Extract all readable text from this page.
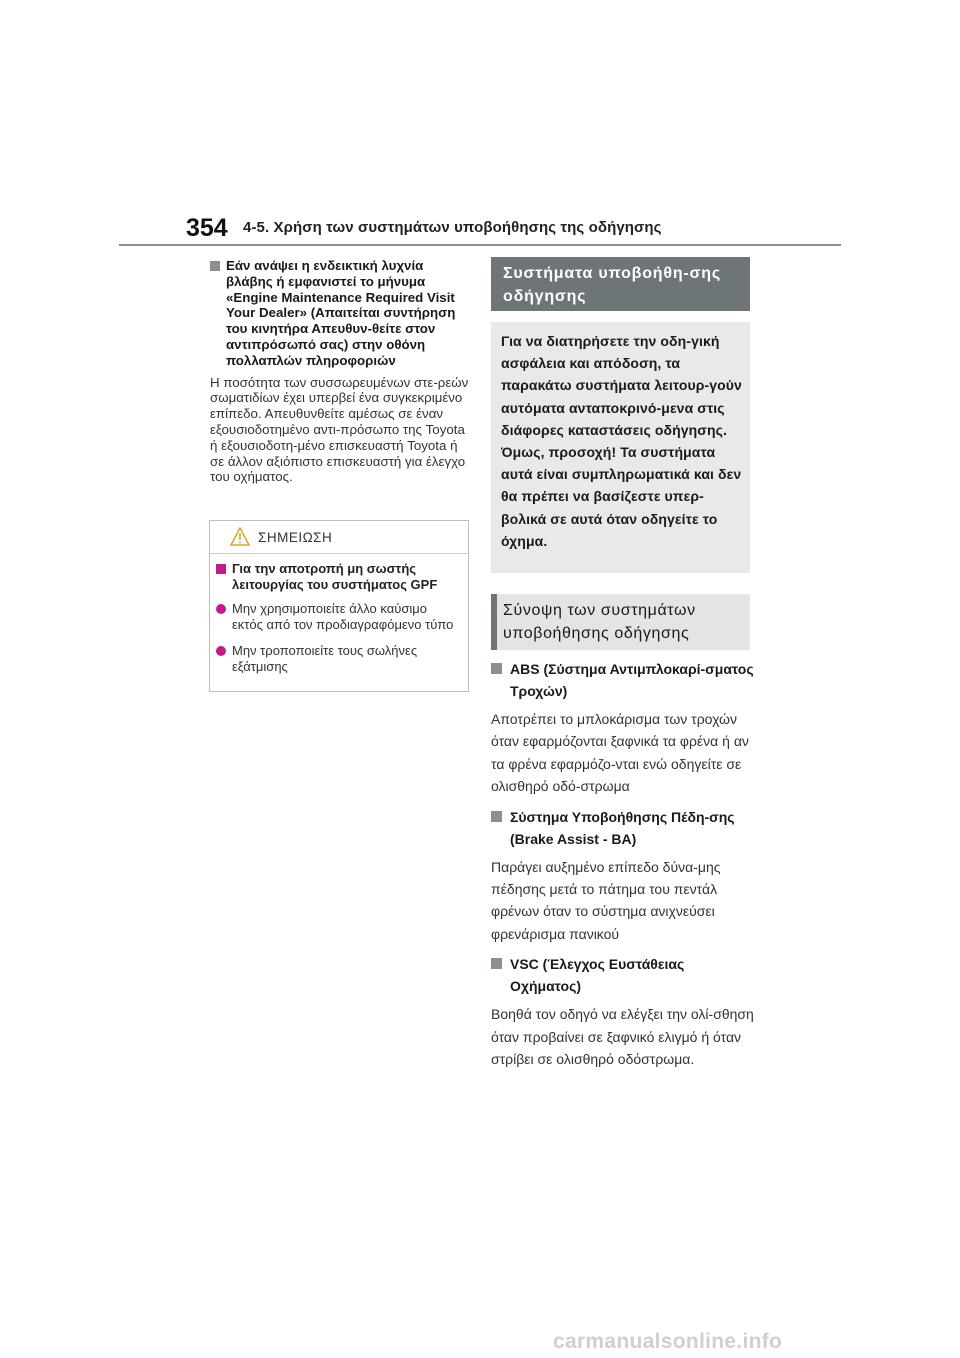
354 4-5. Χρήση των συστημάτων υποβοήθησης της οδήγησης
Εάν ανάψει η ενδεικτική λυχνία βλάβης ή εμφανιστεί το μήνυμα «Engine Maintenance Required Visit Your Dealer» (Απαιτείται συντήρηση του κινητήρα Απευθυν-θείτε στον αντιπρόσωπό σας) στην οθόνη πολλαπλών πληροφοριών
Η ποσότητα των συσσωρευμένων στε-ρεών σωματιδίων έχει υπερβεί ένα συγκεκριμένο επίπεδο. Απευθυνθείτε αμέσως σε έναν εξουσιοδοτημένο αντι-πρόσωπο της Toyota ή εξουσιοδοτη-μένο επισκευαστή Toyota ή σε άλλον αξιόπιστο επισκευαστή για έλεγχο του οχήματος.
ΣΗΜΕΙΩΣΗ
Για την αποτροπή μη σωστής λειτουργίας του συστήματος GPF
Μην χρησιμοποιείτε άλλο καύσιμο εκτός από τον προδιαγραφόμενο τύπο
Μην τροποποιείτε τους σωλήνες εξάτμισης
Συστήματα υποβοήθη-σης οδήγησης
Για να διατηρήσετε την οδη-γική ασφάλεια και απόδοση, τα παρακάτω συστήματα λειτουρ-γούν αυτόματα ανταποκρινό-μενα στις διάφορες καταστάσεις οδήγησης. Όμως, προσοχή! Τα συστήματα αυτά είναι συμπληρωματικά και δεν θα πρέπει να βασίζεστε υπερ-βολικά σε αυτά όταν οδηγείτε το όχημα.
Σύνοψη των συστημάτων υποβοήθησης οδήγησης
ABS (Σύστημα Αντιμπλοκαρί-σματος Τροχών)
Αποτρέπει το μπλοκάρισμα των τροχών όταν εφαρμόζονται ξαφνικά τα φρένα ή αν τα φρένα εφαρμόζο-νται ενώ οδηγείτε σε ολισθηρό οδό-στρωμα
Σύστημα Υποβοήθησης Πέδη-σης (Brake Assist - BA)
Παράγει αυξημένο επίπεδο δύνα-μης πέδησης μετά το πάτημα του πεντάλ φρένων όταν το σύστημα ανιχνεύσει φρενάρισμα πανικού
VSC (Έλεγχος Ευστάθειας Οχήματος)
Βοηθά τον οδηγό να ελέγξει την ολί-σθηση όταν προβαίνει σε ξαφνικό ελιγμό ή όταν στρίβει σε ολισθηρό οδόστρωμα.
carmanualsonline.info
